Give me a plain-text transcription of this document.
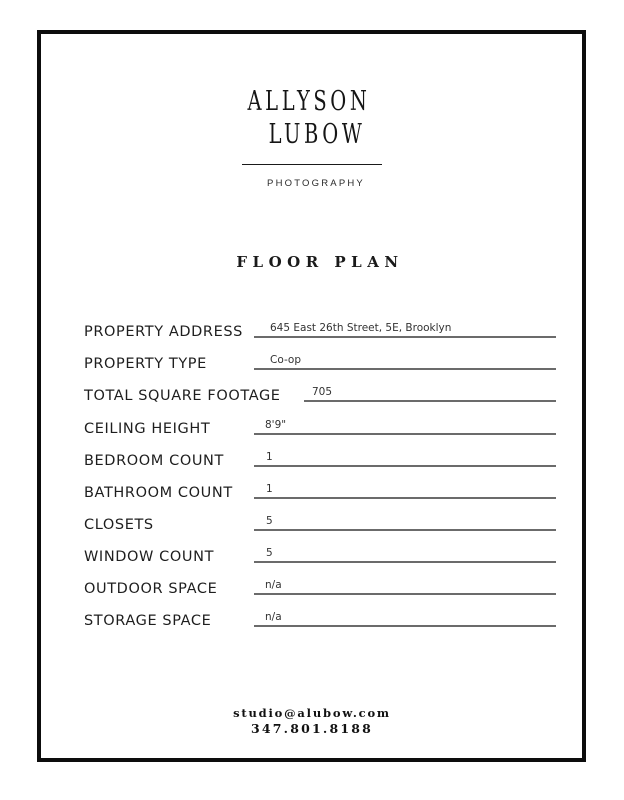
ALLYSON
LUBOW
PHOTOGRAPHY
FLOOR PLAN
PROPERTY ADDRESS	645 East 26th Street, 5E, Brooklyn
PROPERTY TYPE	Co-op
TOTAL SQUARE FOOTAGE	705
CEILING HEIGHT	8'9"
BEDROOM COUNT	1
BATHROOM COUNT	1
CLOSETS	5
WINDOW COUNT	5
OUTDOOR SPACE	n/a
STORAGE SPACE	n/a
studio@alubow.com
347.801.8188
